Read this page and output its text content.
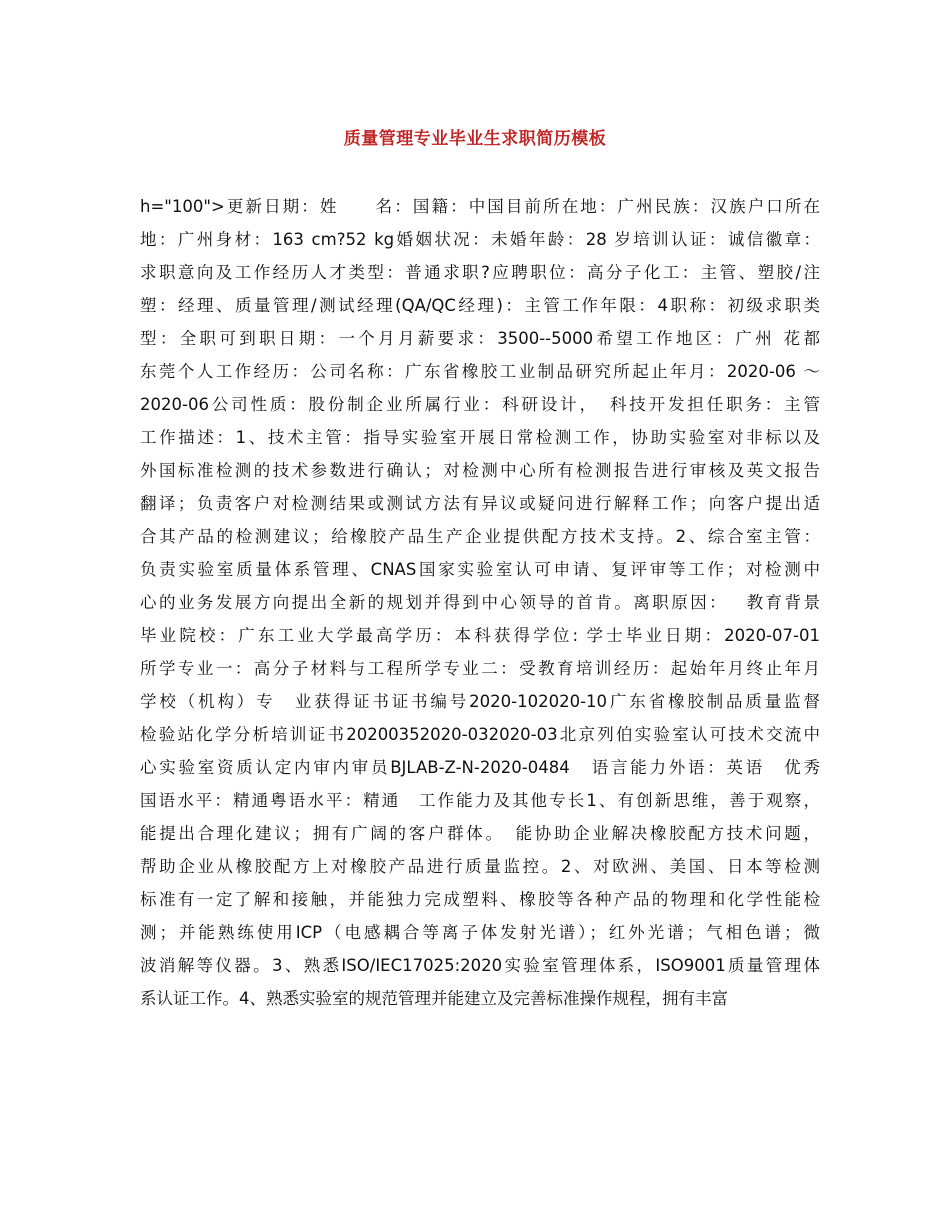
质量管理专业毕业生求职简历模板
h="100">更新日期：姓　　名：国籍：中国目前所在地：广州民族：汉族户口所在
地：广州身材：163 cm?52 kg婚姻状况：未婚年龄：28 岁培训认证：诚信徽章：
求职意向及工作经历人才类型：普通求职?应聘职位：高分子化工：主管、塑胶/注
塑：经理、质量管理/测试经理(QA/QC经理)：主管工作年限：4职称：初级求职类
型：全职可到职日期：一个月月薪要求：3500--5000希望工作地区：广州 花都
东莞个人工作经历：公司名称：广东省橡胶工业制品研究所起止年月：2020-06 ～
2020-06公司性质：股份制企业所属行业：科研设计，　科技开发担任职务：主管
工作描述：1、技术主管：指导实验室开展日常检测工作，协助实验室对非标以及
外国标准检测的技术参数进行确认；对检测中心所有检测报告进行审核及英文报告
翻译；负责客户对检测结果或测试方法有异议或疑问进行解释工作；向客户提出适
合其产品的检测建议；给橡胶产品生产企业提供配方技术支持。2、综合室主管：
负责实验室质量体系管理、CNAS国家实验室认可申请、复评审等工作；对检测中
心的业务发展方向提出全新的规划并得到中心领导的首肯。离职原因：　 教育背景
毕业院校：广东工业大学最高学历：本科获得学位: 学士毕业日期：2020-07-01
所学专业一：高分子材料与工程所学专业二：受教育培训经历：起始年月终止年月
学校（机构）专　业获得证书证书编号2020-102020-10广东省橡胶制品质量监督
检验站化学分析培训证书20200352020-032020-03北京列伯实验室认可技术交流中
心实验室资质认定内审内审员BJLAB-Z-N-2020-0484　语言能力外语：英语　优秀
国语水平：精通粤语水平：精通　工作能力及其他专长1、有创新思维，善于观察，
能提出合理化建议；拥有广阔的客户群体。　能协助企业解决橡胶配方技术问题，
帮助企业从橡胶配方上对橡胶产品进行质量监控。2、对欧洲、美国、日本等检测
标准有一定了解和接触，并能独力完成塑料、橡胶等各种产品的物理和化学性能检
测；并能熟练使用ICP（电感耦合等离子体发射光谱）；红外光谱；气相色谱；微
波消解等仪器。3、熟悉ISO/IEC17025:2020实验室管理体系，ISO9001质量管理体
系认证工作。4、熟悉实验室的规范管理并能建立及完善标准操作规程，拥有丰富
